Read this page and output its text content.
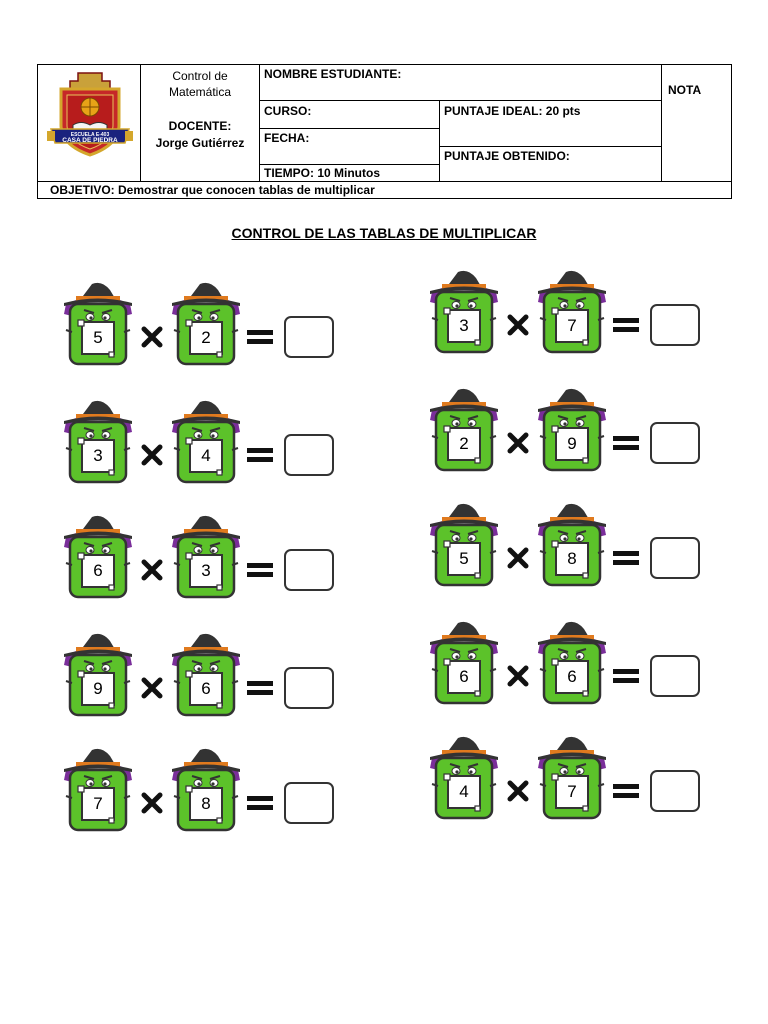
ESCUELA E-403
CASA DE PIEDRA
Control de
Matemática
DOCENTE:
Jorge Gutiérrez
NOMBRE ESTUDIANTE:
NOTA
CURSO:
FECHA:
TIEMPO: 10 Minutos
PUNTAJE IDEAL: 20 pts
PUNTAJE OBTENIDO:
OBJETIVO: Demostrar que conocen tablas de multiplicar
CONTROL DE LAS TABLAS DE MULTIPLICAR
5	2
3	7
3	4
2	9
6	3
5	8
9	6
6	6
7	8
4	7
